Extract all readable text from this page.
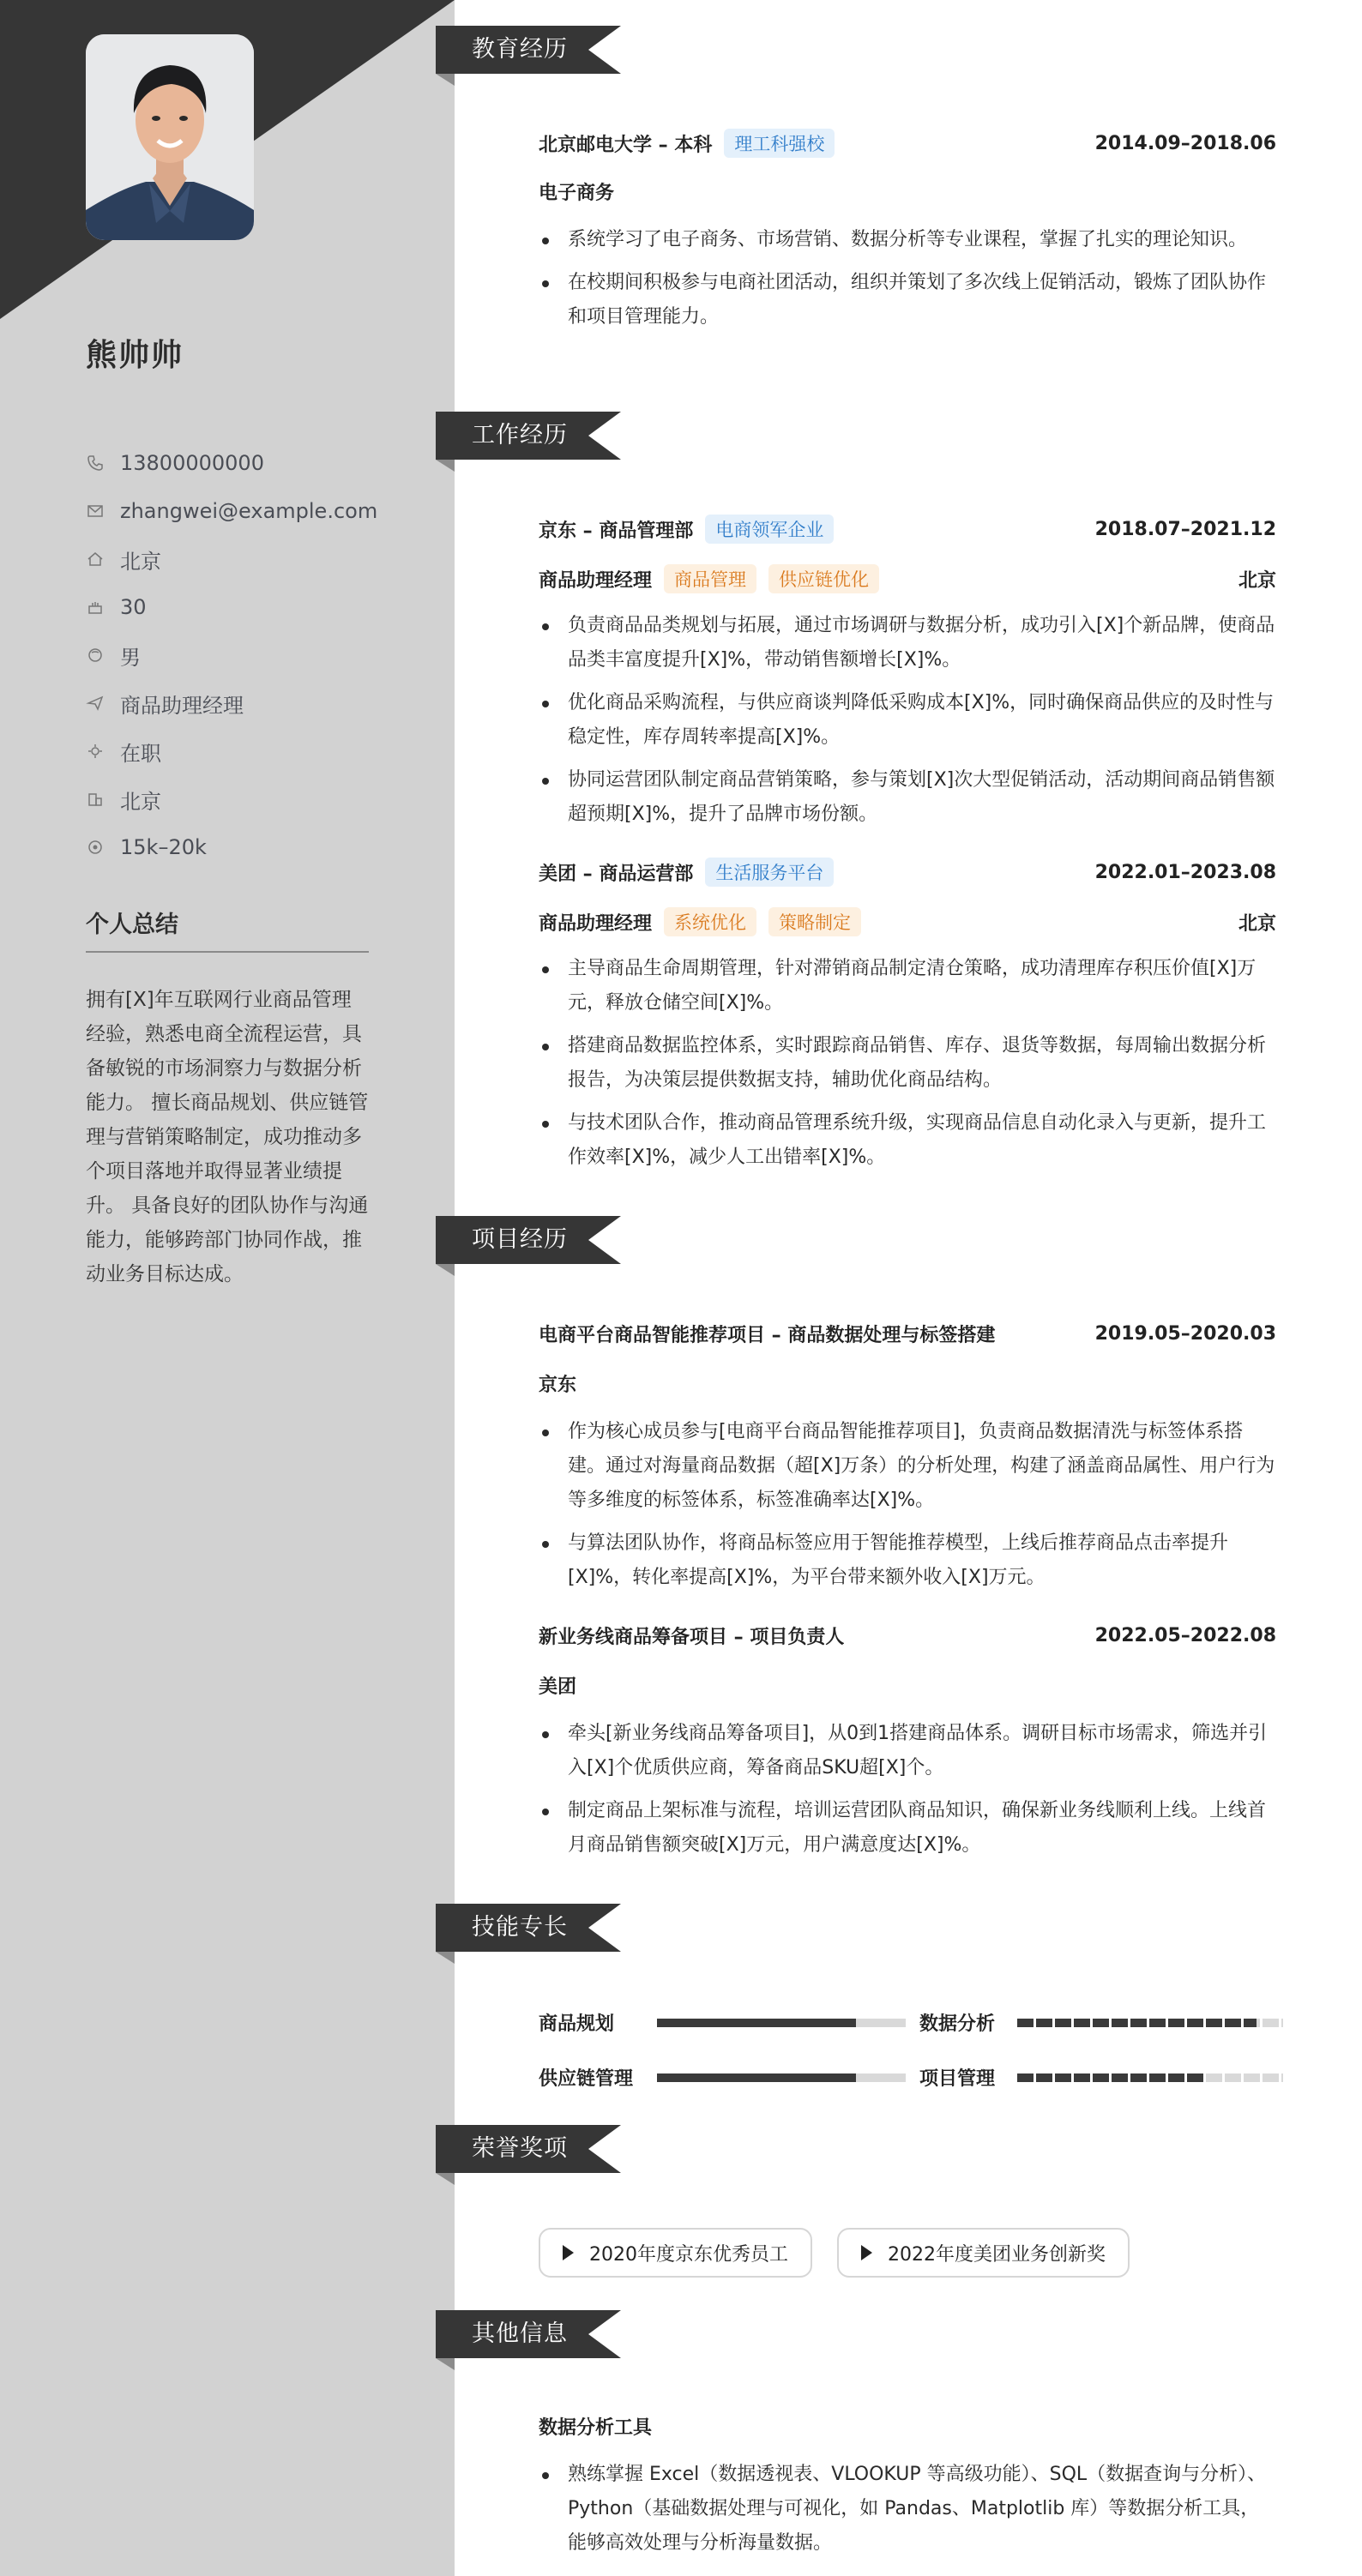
熊帅帅
13800000000
zhangwei@example.com
北京
30
男
商品助理经理
在职
北京
15k–20k
个人总结
拥有[X]年互联网行业商品管理经验，熟悉电商全流程运营，具备敏锐的市场洞察力与数据分析能力。 擅长商品规划、供应链管理与营销策略制定，成功推动多个项目落地并取得显著业绩提升。 具备良好的团队协作与沟通能力，能够跨部门协同作战，推动业务目标达成。
教育经历
北京邮电大学 – 本科	理工科强校	2014.09–2018.06
电子商务
系统学习了电子商务、市场营销、数据分析等专业课程，掌握了扎实的理论知识。
在校期间积极参与电商社团活动，组织并策划了多次线上促销活动，锻炼了团队协作和项目管理能力。
工作经历
京东 – 商品管理部	电商领军企业	2018.07–2021.12
商品助理经理	商品管理	供应链优化	北京
负责商品品类规划与拓展，通过市场调研与数据分析，成功引入[X]个新品牌，使商品品类丰富度提升[X]%，带动销售额增长[X]%。
优化商品采购流程，与供应商谈判降低采购成本[X]%，同时确保商品供应的及时性与稳定性，库存周转率提高[X]%。
协同运营团队制定商品营销策略，参与策划[X]次大型促销活动，活动期间商品销售额超预期[X]%，提升了品牌市场份额。
美团 – 商品运营部	生活服务平台	2022.01–2023.08
商品助理经理	系统优化	策略制定	北京
主导商品生命周期管理，针对滞销商品制定清仓策略，成功清理库存积压价值[X]万元，释放仓储空间[X]%。
搭建商品数据监控体系，实时跟踪商品销售、库存、退货等数据，每周输出数据分析报告，为决策层提供数据支持，辅助优化商品结构。
与技术团队合作，推动商品管理系统升级，实现商品信息自动化录入与更新，提升工作效率[X]%，减少人工出错率[X]%。
项目经历
电商平台商品智能推荐项目 – 商品数据处理与标签搭建	2019.05–2020.03
京东
作为核心成员参与[电商平台商品智能推荐项目]，负责商品数据清洗与标签体系搭建。通过对海量商品数据（超[X]万条）的分析处理，构建了涵盖商品属性、用户行为等多维度的标签体系，标签准确率达[X]%。
与算法团队协作，将商品标签应用于智能推荐模型，上线后推荐商品点击率提升[X]%，转化率提高[X]%，为平台带来额外收入[X]万元。
新业务线商品筹备项目 – 项目负责人	2022.05–2022.08
美团
牵头[新业务线商品筹备项目]，从0到1搭建商品体系。调研目标市场需求，筛选并引入[X]个优质供应商，筹备商品SKU超[X]个。
制定商品上架标准与流程，培训运营团队商品知识，确保新业务线顺利上线。上线首月商品销售额突破[X]万元，用户满意度达[X]%。
技能专长
商品规划	数据分析
供应链管理	项目管理
荣誉奖项
2020年度京东优秀员工	2022年度美团业务创新奖
其他信息
数据分析工具
熟练掌握 Excel（数据透视表、VLOOKUP 等高级功能）、SQL（数据查询与分析）、Python（基础数据处理与可视化，如 Pandas、Matplotlib 库）等数据分析工具，能够高效处理与分析海量数据。
